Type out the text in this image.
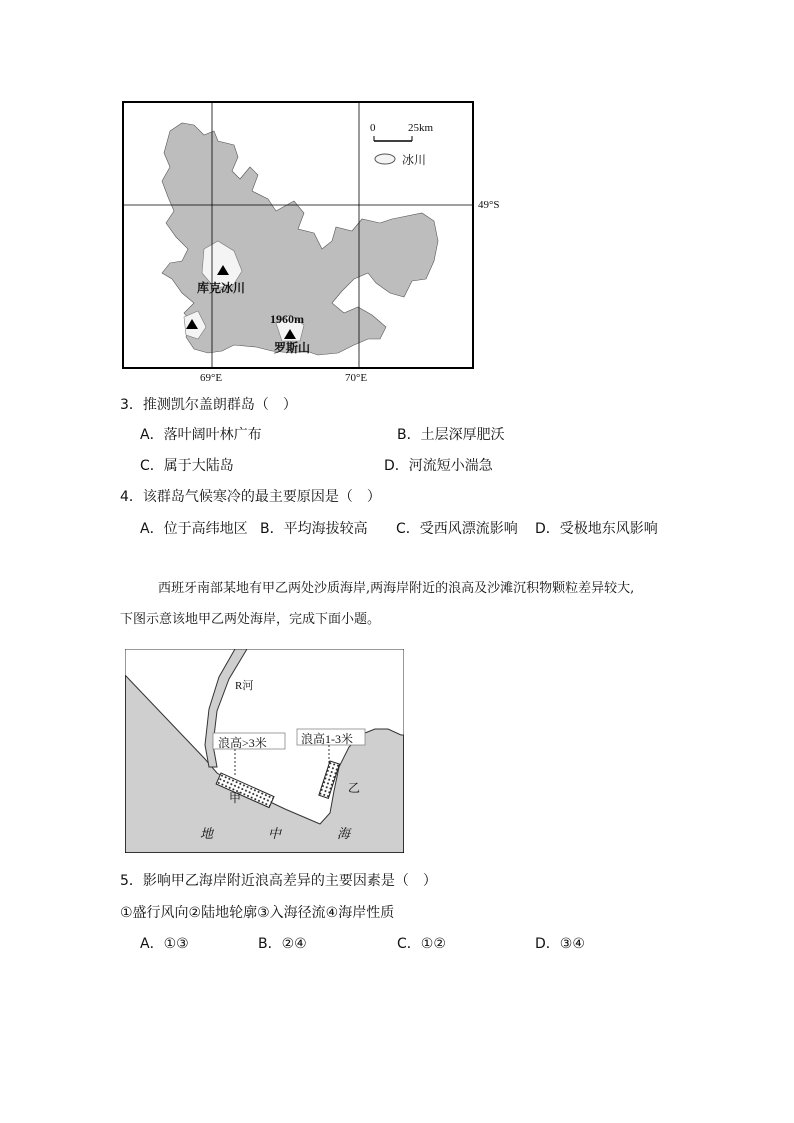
0	25km
冰川
库克冰川
1960m
罗斯山
49°S
69°E	70°E
3．推测凯尔盖朗群岛（　）
A．落叶阔叶林广布	B．土层深厚肥沃
C．属于大陆岛	D．河流短小湍急
4．该群岛气候寒冷的最主要原因是（　）
A．位于高纬地区 B．平均海拔较高 C．受西风漂流影响 D．受极地东风影响
西班牙南部某地有甲乙两处沙质海岸,两海岸附近的浪高及沙滩沉积物颗粒差异较大,
下图示意该地甲乙两处海岸，完成下面小题。
R河
浪高>3米	浪高1-3米
甲
乙
地	中	海
5．影响甲乙海岸附近浪高差异的主要因素是（　）
①盛行风向②陆地轮廓③入海径流④海岸性质
A．①③	B．②④	C．①②	D．③④
